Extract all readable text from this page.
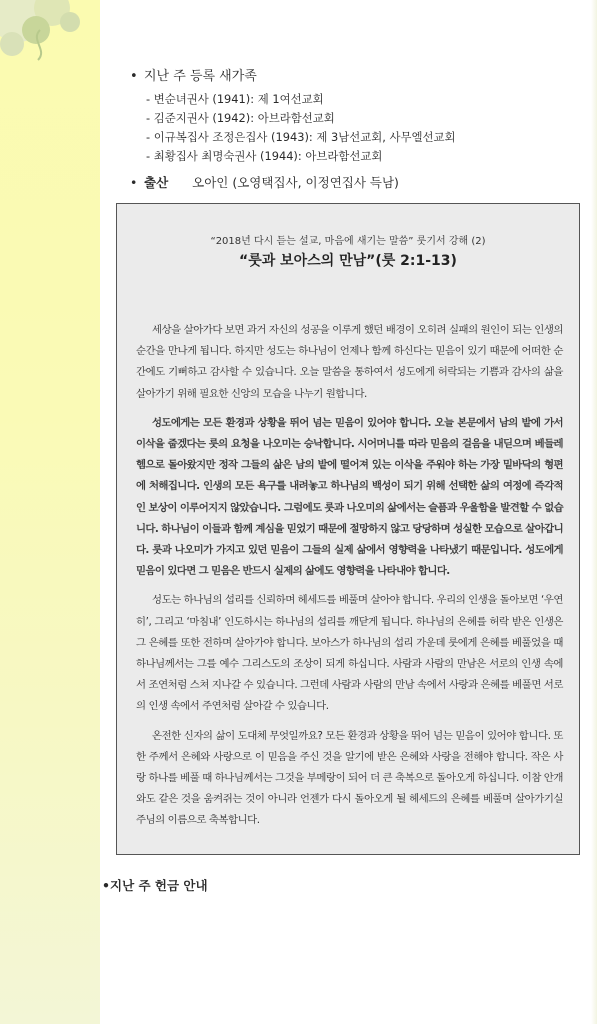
• 지난 주 등록 새가족
- 변순녀권사 (1941): 제 1여선교회
- 김준지권사 (1942): 아브라함선교회
- 이규복집사 조정은집사 (1943): 제 3남선교회, 사무엘선교회
- 최황집사 최명숙권사 (1944): 아브라함선교회
• 출산 오아인 (오영택집사, 이정연집사 득남)
“2018년 다시 듣는 설교, 마음에 새기는 말씀” 룻기서 강해 (2)
“룻과 보아스의 만남”(룻 2:1-13)

세상을 살아가다 보면 과거 자신의 성공을 이루게 했던 배경이 오히려 실패의 원인이 되는 인생의 순간을 만나게 됩니다. 하지만 성도는 하나님이 언제나 함께 하신다는 믿음이 있기 때문에 어떠한 순간에도 기뻐하고 감사할 수 있습니다. 오늘 말씀을 통하여서 성도에게 허락되는 기쁨과 감사의 삶을 살아가기 위해 필요한 신앙의 모습을 나누기 원합니다.

성도에게는 모든 환경과 상황을 뛰어 넘는 믿음이 있어야 합니다. 오늘 본문에서 남의 밭에 가서 이삭을 줍겠다는 룻의 요청을 나오미는 승낙합니다. 시어머니를 따라 믿음의 걸음을 내딛으며 베들레헴으로 돌아왔지만 정작 그들의 삶은 남의 밭에 떨어져 있는 이삭을 주워야 하는 가장 밑바닥의 형편에 처해집니다. 인생의 모든 욕구를 내려놓고 하나님의 백성이 되기 위해 선택한 삶의 여정에 즉각적인 보상이 이루어지지 않았습니다. 그럼에도 룻과 나오미의 삶에서는 슬픔과 우울함을 발견할 수 없습니다. 하나님이 이들과 함께 계심을 믿었기 때문에 절망하지 않고 당당하며 성실한 모습으로 살아갑니다. 룻과 나오미가 가지고 있던 믿음이 그들의 실제 삶에서 영향력을 나타냈기 때문입니다. 성도에게 믿음이 있다면 그 믿음은 반드시 실제의 삶에도 영향력을 나타내야 합니다.

성도는 하나님의 섭리를 신뢰하며 헤세드를 베풀며 살아야 합니다. 우리의 인생을 돌아보면 ‘우연히’, 그리고 ‘마침내’ 인도하시는 하나님의 섭리를 깨닫게 됩니다. 하나님의 은혜를 허락 받은 인생은 그 은혜를 또한 전하며 살아가야 합니다. 보아스가 하나님의 섭리 가운데 룻에게 은혜를 베풀었을 때 하나님께서는 그를 예수 그리스도의 조상이 되게 하십니다. 사람과 사람의 만남은 서로의 인생 속에서 조연처럼 스쳐 지나갈 수 있습니다. 그런데 사람과 사람의 만남 속에서 사랑과 은혜를 베풀면 서로의 인생 속에서 주연처럼 살아갈 수 있습니다.

온전한 신자의 삶이 도대체 무엇일까요? 모든 환경과 상황을 뛰어 넘는 믿음이 있어야 합니다. 또한 주께서 은혜와 사랑으로 이 믿음을 주신 것을 알기에 받은 은혜와 사랑을 전해야 합니다. 작은 사랑 하나를 베풀 때 하나님께서는 그것을 부메랑이 되어 더 큰 축복으로 돌아오게 하십니다. 이참 안개와도 같은 것을 움켜쥐는 것이 아니라 언젠가 다시 돌아오게 될 헤세드의 은혜를 베풀며 살아가기실 주님의 이름으로 축복합니다.

•지난 주 헌금 안내
